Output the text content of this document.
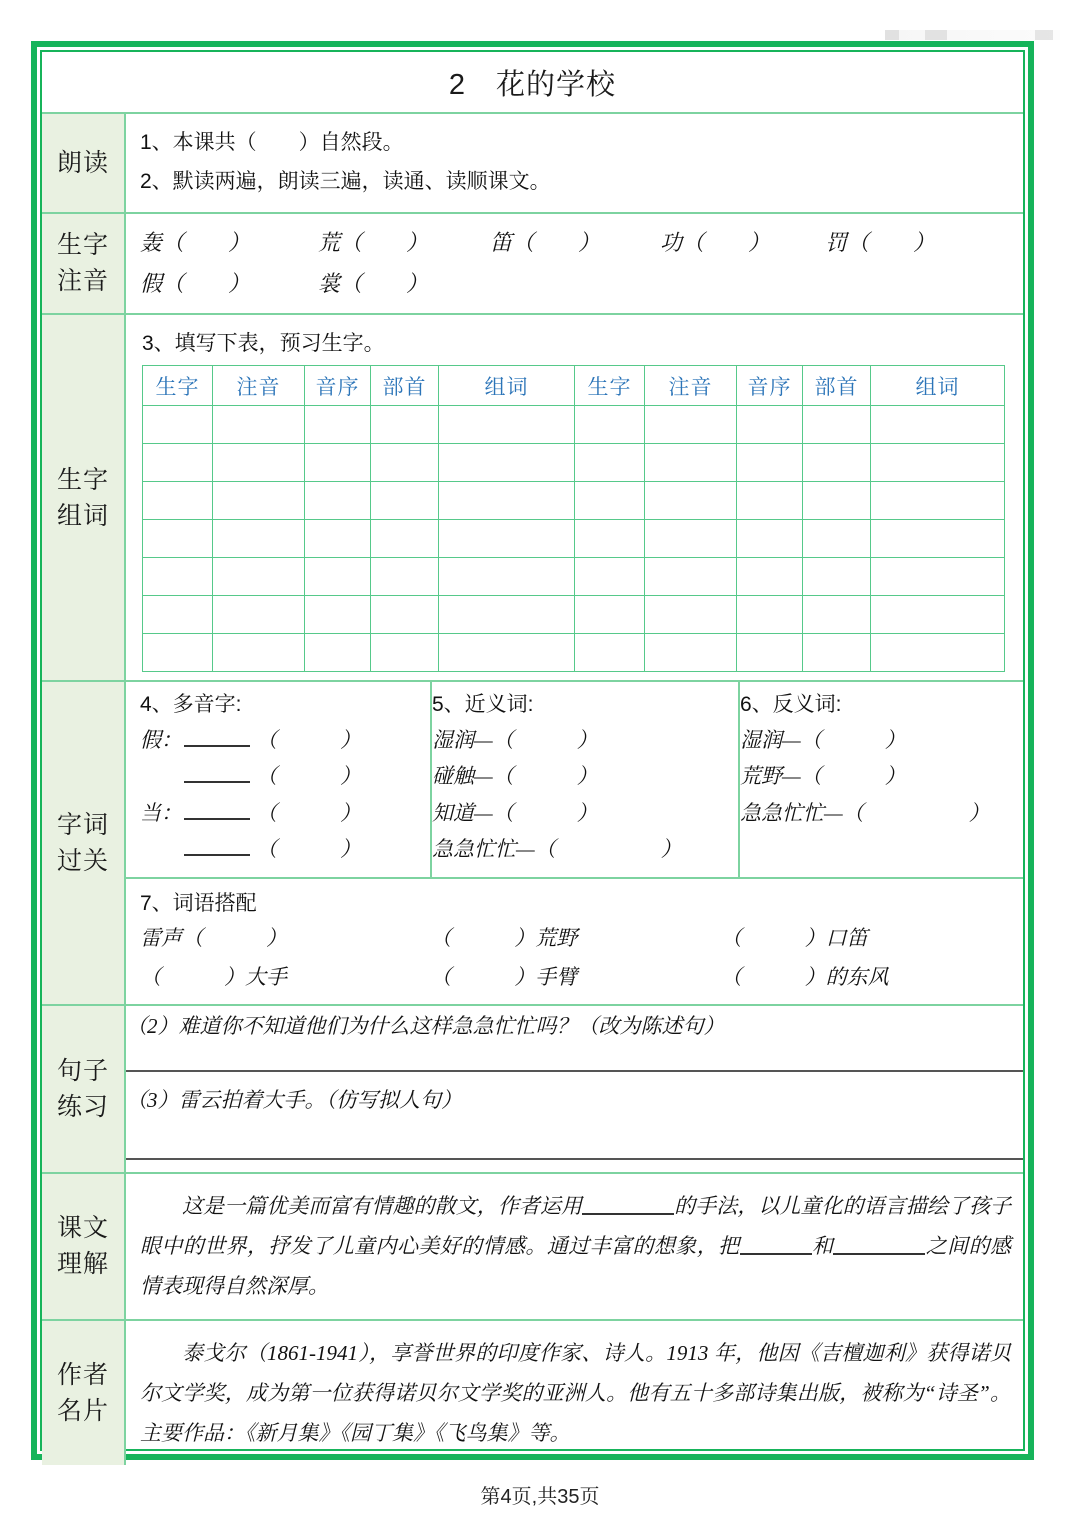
2　花的学校
朗读
1、本课共（　　）自然段。
2、默读两遍，朗读三遍，读通、读顺课文。
生字
注音
轰（　　）	荒（　　）	笛（　　）	功（　　）	罚（　　）
假（　　）	裳（　　）
生字
组词
3、填写下表，预习生字。
生字	注音	音序	部首	组词	生字	注音	音序	部首	组词

字词
过关
4、多音字:
假：	（　　　）
（　　　）
当：	（　　　）
（　　　）
5、近义词:
湿润—（　　　）
碰触—（　　　）
知道—（　　　）
急急忙忙—（　　　　　）
6、反义词:
湿润—（　　　）
荒野—（　　　）
急急忙忙—（　　　　　）
7、词语搭配
雷声（　　　）	（　　　）荒野	（　　　）口笛
（　　　）大手	（　　　）手臂	（　　　）的东风
句子
练习
（2）难道你不知道他们为什么这样急急忙忙吗？（改为陈述句）
（3）雷云拍着大手。（仿写拟人句）
课文
理解
这是一篇优美而富有情趣的散文，作者运用	的手法，以儿童化的语言描绘了孩子眼中的世界，抒发了儿童内心美好的情感。通过丰富的想象，把	和	之间的感情表现得自然深厚。
作者
名片
泰戈尔（1861-1941），享誉世界的印度作家、诗人。1913 年，他因《吉檀迦利》获得诺贝尔文学奖，成为第一位获得诺贝尔文学奖的亚洲人。他有五十多部诗集出版，被称为“诗圣”。主要作品：《新月集》《园丁集》《飞鸟集》等。
第4页,共35页
